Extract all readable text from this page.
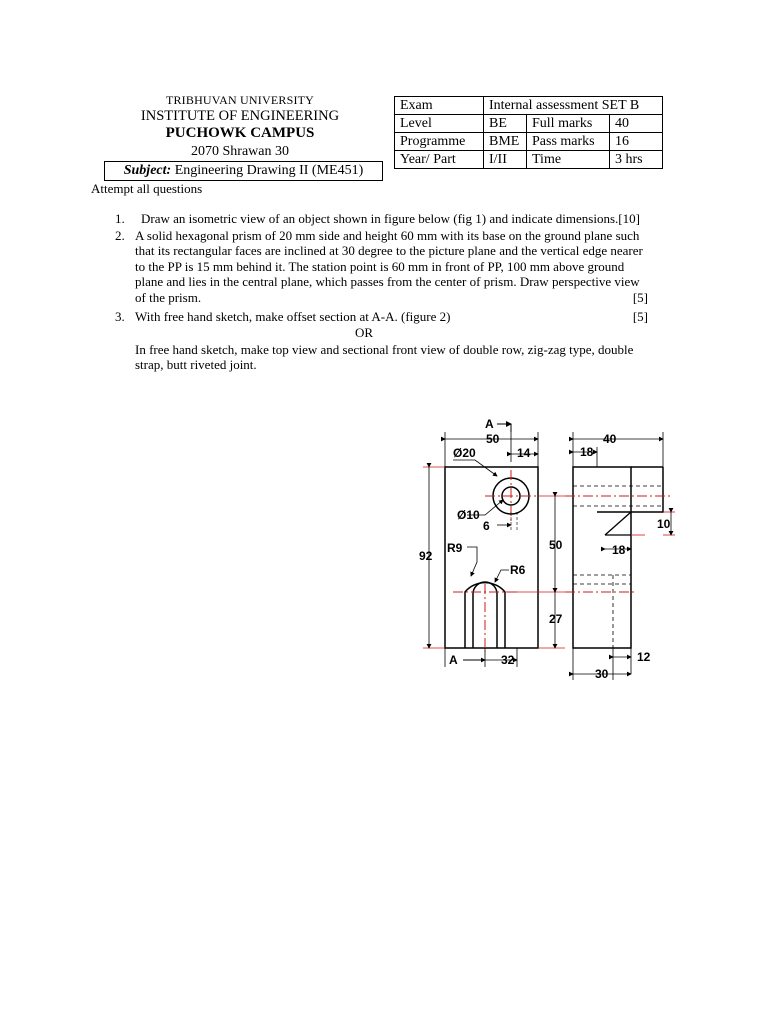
TRIBHUVAN UNIVERSITY
INSTITUTE OF ENGINEERING
PUCHOWK CAMPUS
2070 Shrawan 30
Subject: Engineering Drawing II (ME451)
Exam	Internal assessment SET B		
Level	BE	Full marks	40
Programme	BME	Pass marks	16
Year/ Part	I/II	Time	3 hrs
Attempt all questions
1. Draw an isometric view of an object shown in figure below (fig 1) and indicate dimensions.[10]
2. A solid hexagonal prism of 20 mm side and height 60 mm with its base on the ground plane such
that its rectangular faces are inclined at 30 degree to the picture plane and the vertical edge nearer
to the PP is 15 mm behind it. The station point is 60 mm in front of PP, 100 mm above ground
plane and lies in the central plane, which passes from the center of prism. Draw perspective view
of the prism.	[5]
3. With free hand sketch, make offset section at A-A. (figure 2)	[5]
OR
In free hand sketch, make top view and sectional front view of double row, zig-zag type, double
strap, butt riveted joint.
A
50
Ø20	14
Ø10
6
R9
R6
92
50
27
A	32
40
18
10
18
12
30
